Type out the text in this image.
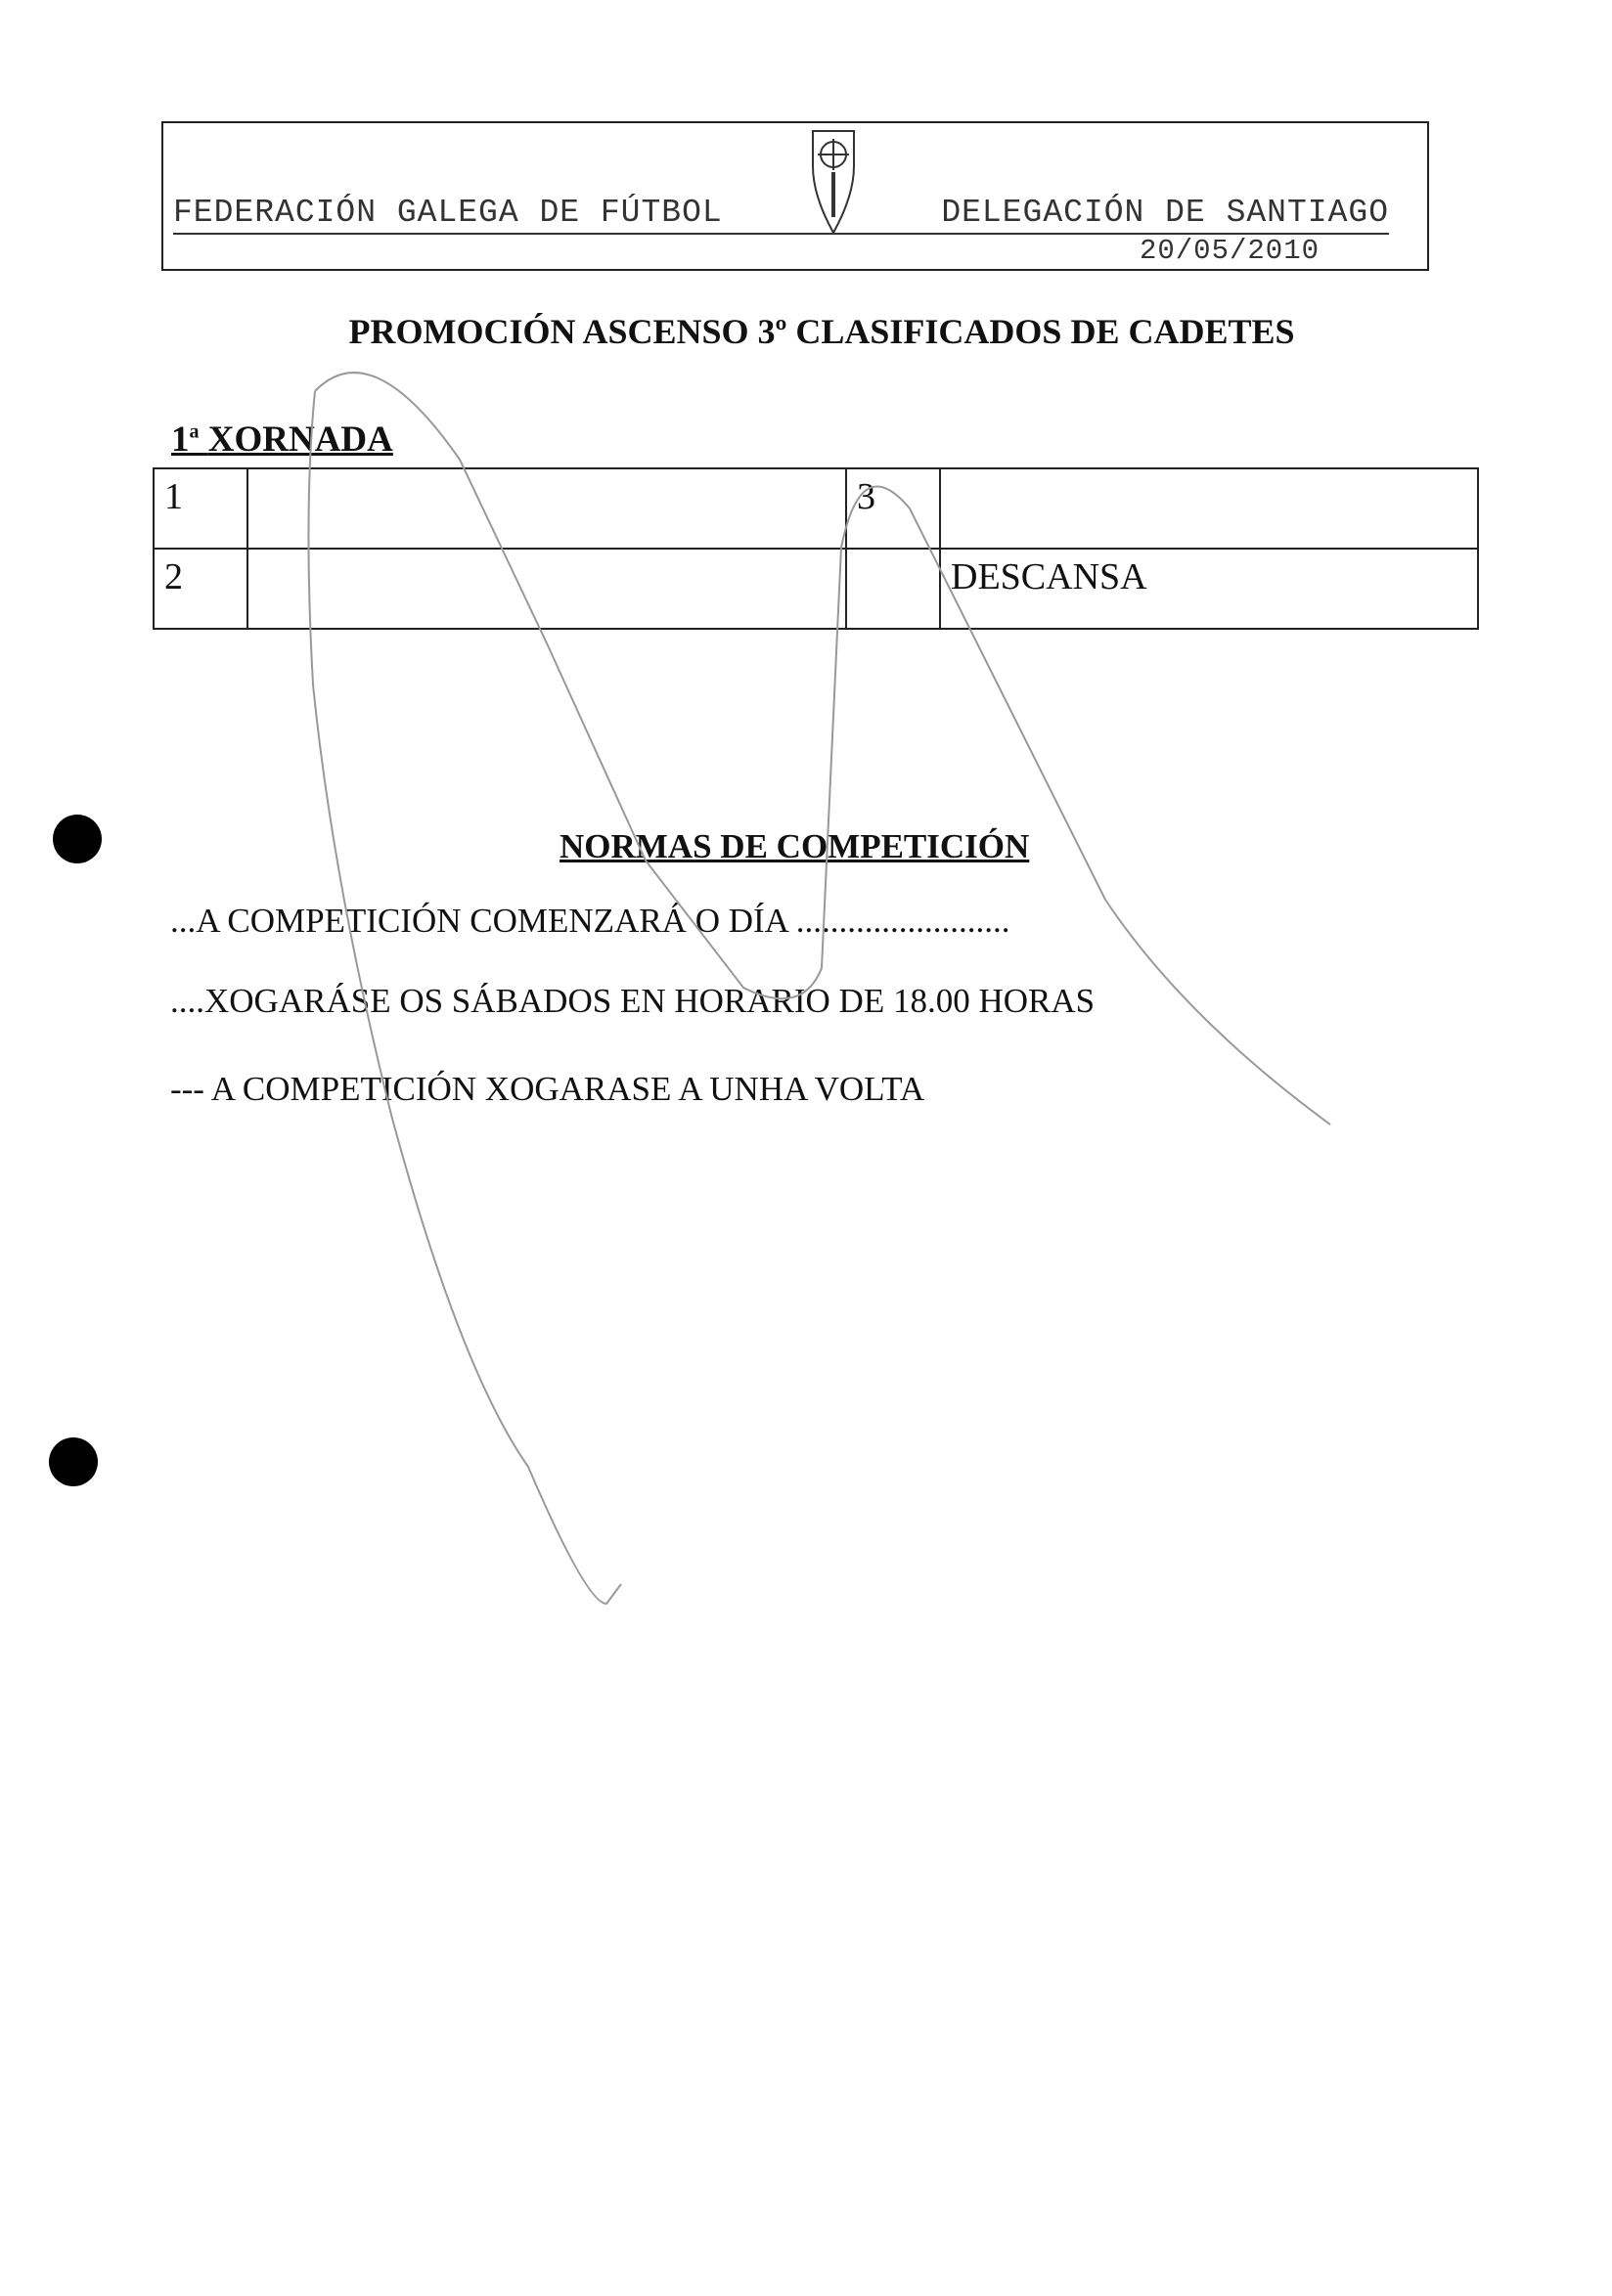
FEDERACIÓN GALEGA DE FÚTBOL	DELEGACIÓN DE SANTIAGO
20/05/2010
PROMOCIÓN ASCENSO 3º CLASIFICADOS DE CADETES
1$^a$ XORNADA
1		3	
2			DESCANSA
NORMAS DE COMPETICIÓN
...A COMPETICIÓN COMENZARÁ O DÍA .........................
....XOGARÁSE OS SÁBADOS EN HORARIO DE 18.00 HORAS
--- A COMPETICIÓN XOGARASE A UNHA VOLTA
